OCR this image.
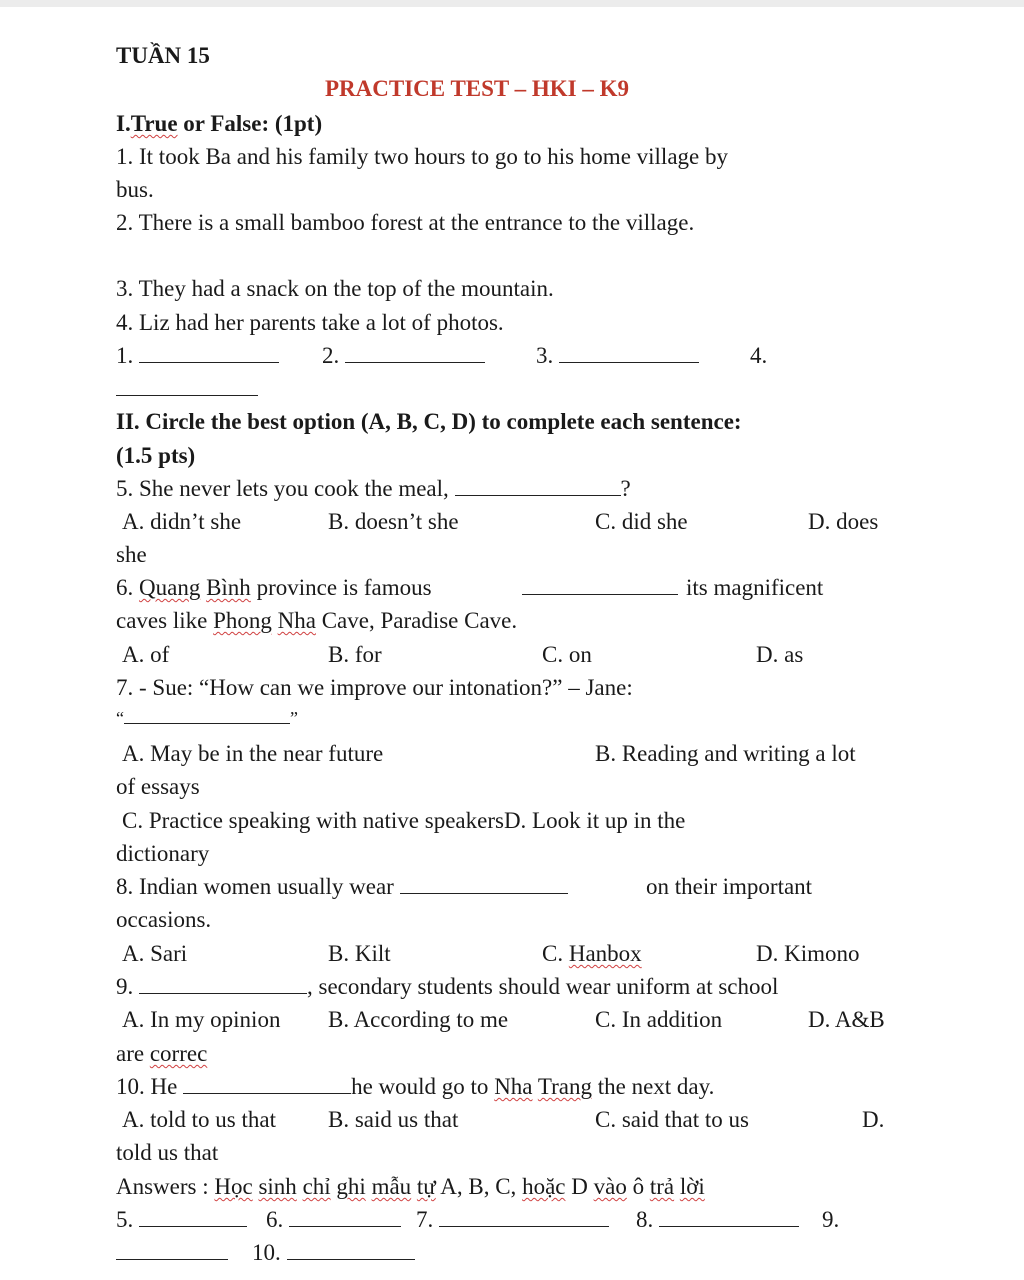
TUẦN 15
PRACTICE TEST – HKI – K9
I.True or False: (1pt)
1. It took Ba and his family two hours to go to his home village by
bus.
2. There is a small bamboo forest at the entrance to the village.
3. They had a snack on the top of the mountain.
4. Liz had her parents take a lot of photos.
1.	2.	3.	4.
II. Circle the best option (A, B, C, D) to complete each sentence:
(1.5 pts)
5. She never lets you cook the meal,	?
A. didn’t she	B. doesn’t she	C. did she	D. does
she
6. Quang Bình province is famous	its magnificent
caves like Phong Nha Cave, Paradise Cave.
A. of	B. for	C. on	D. as
7. - Sue: “How can we improve our intonation?” – Jane:
“	”
A. May be in the near future	B. Reading and writing a lot
of essays
C. Practice speaking with native speakersD. Look it up in the
dictionary
8. Indian women usually wear	on their important
occasions.
A. Sari	B. Kilt	C. Hanbox	D. Kimono
9.	, secondary students should wear uniform at school
A. In my opinion B. According to me	C. In addition	D. A&B
are correc
10. He	he would go to Nha Trang the next day.
A. told to us that B. said us that	C. said that to us	D.
told us that
Answers : Học sinh chỉ ghi mẫu tự A, B, C, hoặc D vào ô trả lời
5.	6.	7.	8.	9.
10.
